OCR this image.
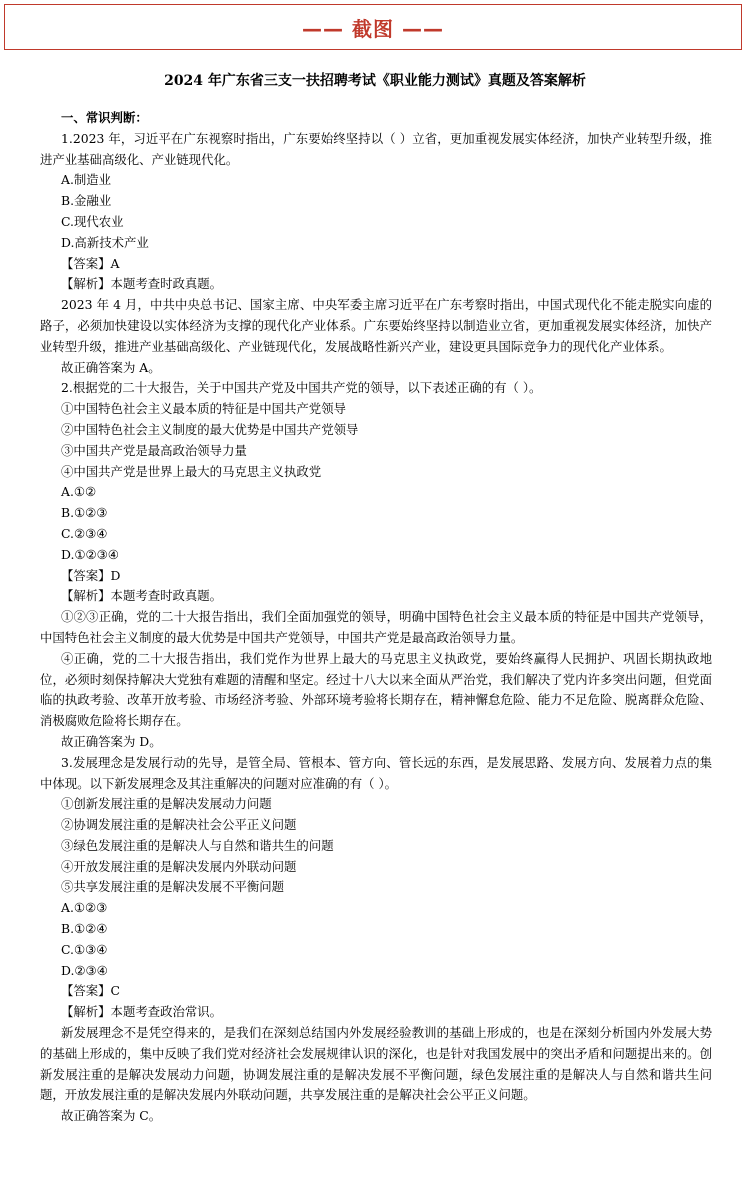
—— 截图 ——
2024 年广东省三支一扶招聘考试《职业能力测试》真题及答案解析

一、常识判断：

1.2023 年，习近平在广东视察时指出，广东要始终坚持以（ ）立省，更加重视发展实体经济，加快产业转型升级，推进产业基础高级化、产业链现代化。

A.制造业

B.金融业

C.现代农业

D.高新技术产业

【答案】A

【解析】本题考查时政真题。

2023 年 4 月，中共中央总书记、国家主席、中央军委主席习近平在广东考察时指出，中国式现代化不能走脱实向虚的路子，必须加快建设以实体经济为支撑的现代化产业体系。广东要始终坚持以制造业立省，更加重视发展实体经济，加快产业转型升级，推进产业基础高级化、产业链现代化，发展战略性新兴产业，建设更具国际竞争力的现代化产业体系。

故正确答案为 A。

2.根据党的二十大报告，关于中国共产党及中国共产党的领导，以下表述正确的有（ ）。

①中国特色社会主义最本质的特征是中国共产党领导

②中国特色社会主义制度的最大优势是中国共产党领导

③中国共产党是最高政治领导力量

④中国共产党是世界上最大的马克思主义执政党

A.①②

B.①②③

C.②③④

D.①②③④

【答案】D

【解析】本题考查时政真题。

①②③正确，党的二十大报告指出，我们全面加强党的领导，明确中国特色社会主义最本质的特征是中国共产党领导，中国特色社会主义制度的最大优势是中国共产党领导，中国共产党是最高政治领导力量。

④正确，党的二十大报告指出，我们党作为世界上最大的马克思主义执政党，要始终赢得人民拥护、巩固长期执政地位，必须时刻保持解决大党独有难题的清醒和坚定。经过十八大以来全面从严治党，我们解决了党内许多突出问题，但党面临的执政考验、改革开放考验、市场经济考验、外部环境考验将长期存在，精神懈怠危险、能力不足危险、脱离群众危险、消极腐败危险将长期存在。

故正确答案为 D。

3.发展理念是发展行动的先导，是管全局、管根本、管方向、管长远的东西，是发展思路、发展方向、发展着力点的集中体现。以下新发展理念及其注重解决的问题对应准确的有（ ）。

①创新发展注重的是解决发展动力问题

②协调发展注重的是解决社会公平正义问题

③绿色发展注重的是解决人与自然和谐共生的问题

④开放发展注重的是解决发展内外联动问题

⑤共享发展注重的是解决发展不平衡问题

A.①②③

B.①②④

C.①③④

D.②③④

【答案】C

【解析】本题考查政治常识。

新发展理念不是凭空得来的，是我们在深刻总结国内外发展经验教训的基础上形成的，也是在深刻分析国内外发展大势的基础上形成的，集中反映了我们党对经济社会发展规律认识的深化，也是针对我国发展中的突出矛盾和问题提出来的。创新发展注重的是解决发展动力问题，协调发展注重的是解决发展不平衡问题，绿色发展注重的是解决人与自然和谐共生问题，开放发展注重的是解决发展内外联动问题，共享发展注重的是解决社会公平正义问题。

故正确答案为 C。
